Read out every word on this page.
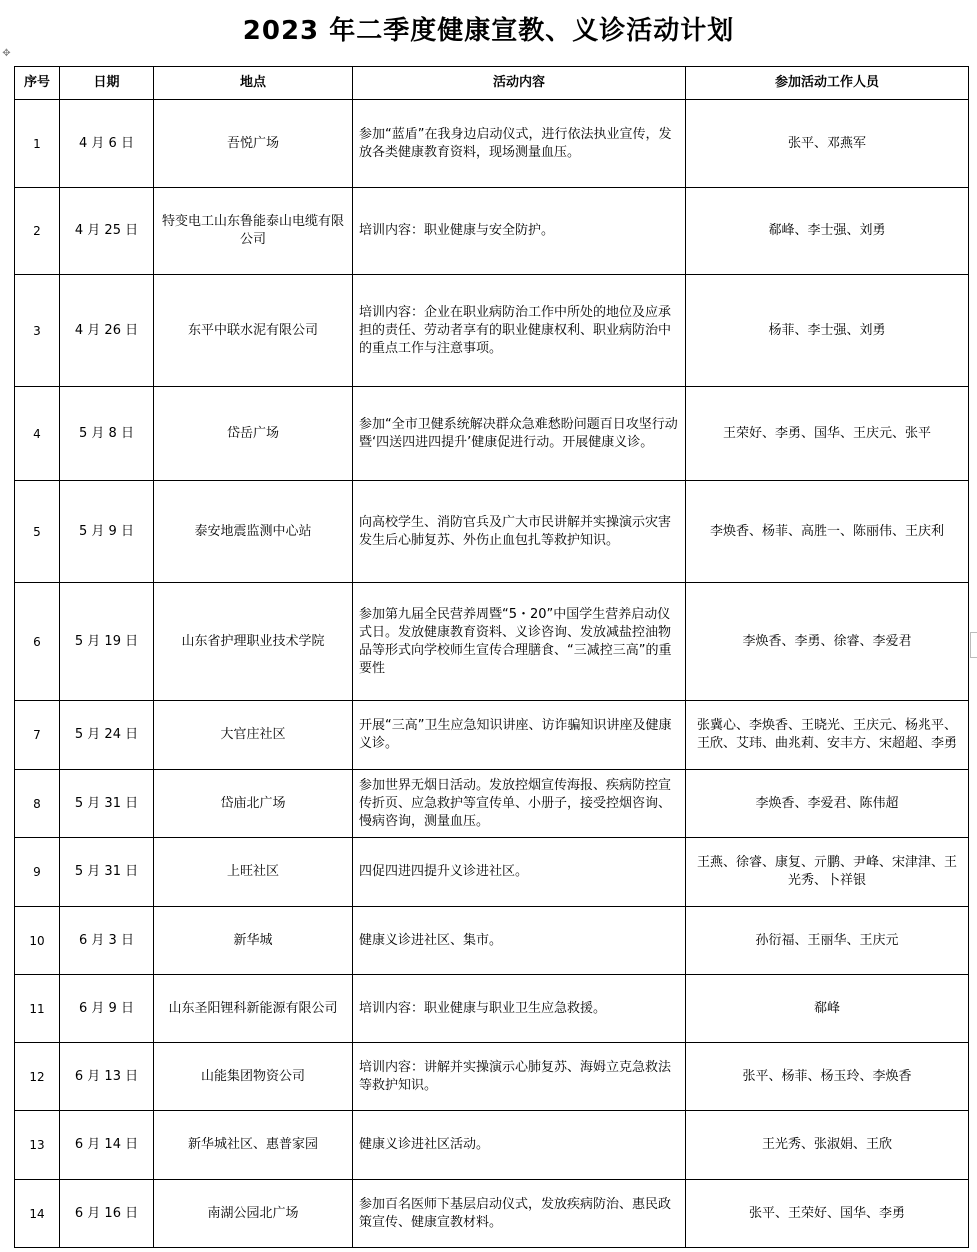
2023 年二季度健康宣教、义诊活动计划
✥
序号	日期	地点	活动内容	参加活动工作人员
1	4 月 6 日	吾悦广场	参加“蓝盾”在我身边启动仪式，进行依法执业宣传，发放各类健康教育资料，现场测量血压。	张平、邓燕军
2	4 月 25 日	特变电工山东鲁能泰山电缆有限公司	培训内容：职业健康与安全防护。	郗峰、李士强、刘勇
3	4 月 26 日	东平中联水泥有限公司	培训内容：企业在职业病防治工作中所处的地位及应承担的责任、劳动者享有的职业健康权利、职业病防治中的重点工作与注意事项。	杨菲、李士强、刘勇
4	5 月 8 日	岱岳广场	参加“全市卫健系统解决群众急难愁盼问题百日攻坚行动暨‘四送四进四提升’健康促进行动。开展健康义诊。	王荣好、李勇、国华、王庆元、张平
5	5 月 9 日	泰安地震监测中心站	向高校学生、消防官兵及广大市民讲解并实操演示灾害发生后心肺复苏、外伤止血包扎等救护知识。	李焕香、杨菲、高胜一、陈丽伟、王庆利
6	5 月 19 日	山东省护理职业技术学院	参加第九届全民营养周暨“5・20”中国学生营养启动仪式日。发放健康教育资料、义诊咨询、发放减盐控油物品等形式向学校师生宣传合理膳食、“三减控三高”的重要性	李焕香、李勇、徐睿、李爱君
7	5 月 24 日	大官庄社区	开展“三高”卫生应急知识讲座、访诈骗知识讲座及健康义诊。	张冀心、李焕香、王晓光、王庆元、杨兆平、王欣、艾玮、曲兆莉、安丰方、宋超超、李勇
8	5 月 31 日	岱庙北广场	参加世界无烟日活动。发放控烟宣传海报、疾病防控宣传折页、应急救护等宣传单、小册子，接受控烟咨询、慢病咨询，测量血压。	李焕香、李爱君、陈伟超
9	5 月 31 日	上旺社区	四促四进四提升义诊进社区。	王燕、徐睿、康复、亓鹏、尹峰、宋津津、王光秀、卜祥银
10	6 月 3 日	新华城	健康义诊进社区、集市。	孙衍福、王丽华、王庆元
11	6 月 9 日	山东圣阳锂科新能源有限公司	培训内容：职业健康与职业卫生应急救援。	郗峰
12	6 月 13 日	山能集团物资公司	培训内容：讲解并实操演示心肺复苏、海姆立克急救法等救护知识。	张平、杨菲、杨玉玲、李焕香
13	6 月 14 日	新华城社区、惠普家园	健康义诊进社区活动。	王光秀、张淑娟、王欣
14	6 月 16 日	南湖公园北广场	参加百名医师下基层启动仪式，发放疾病防治、惠民政策宣传、健康宣教材料。	张平、王荣好、国华、李勇
